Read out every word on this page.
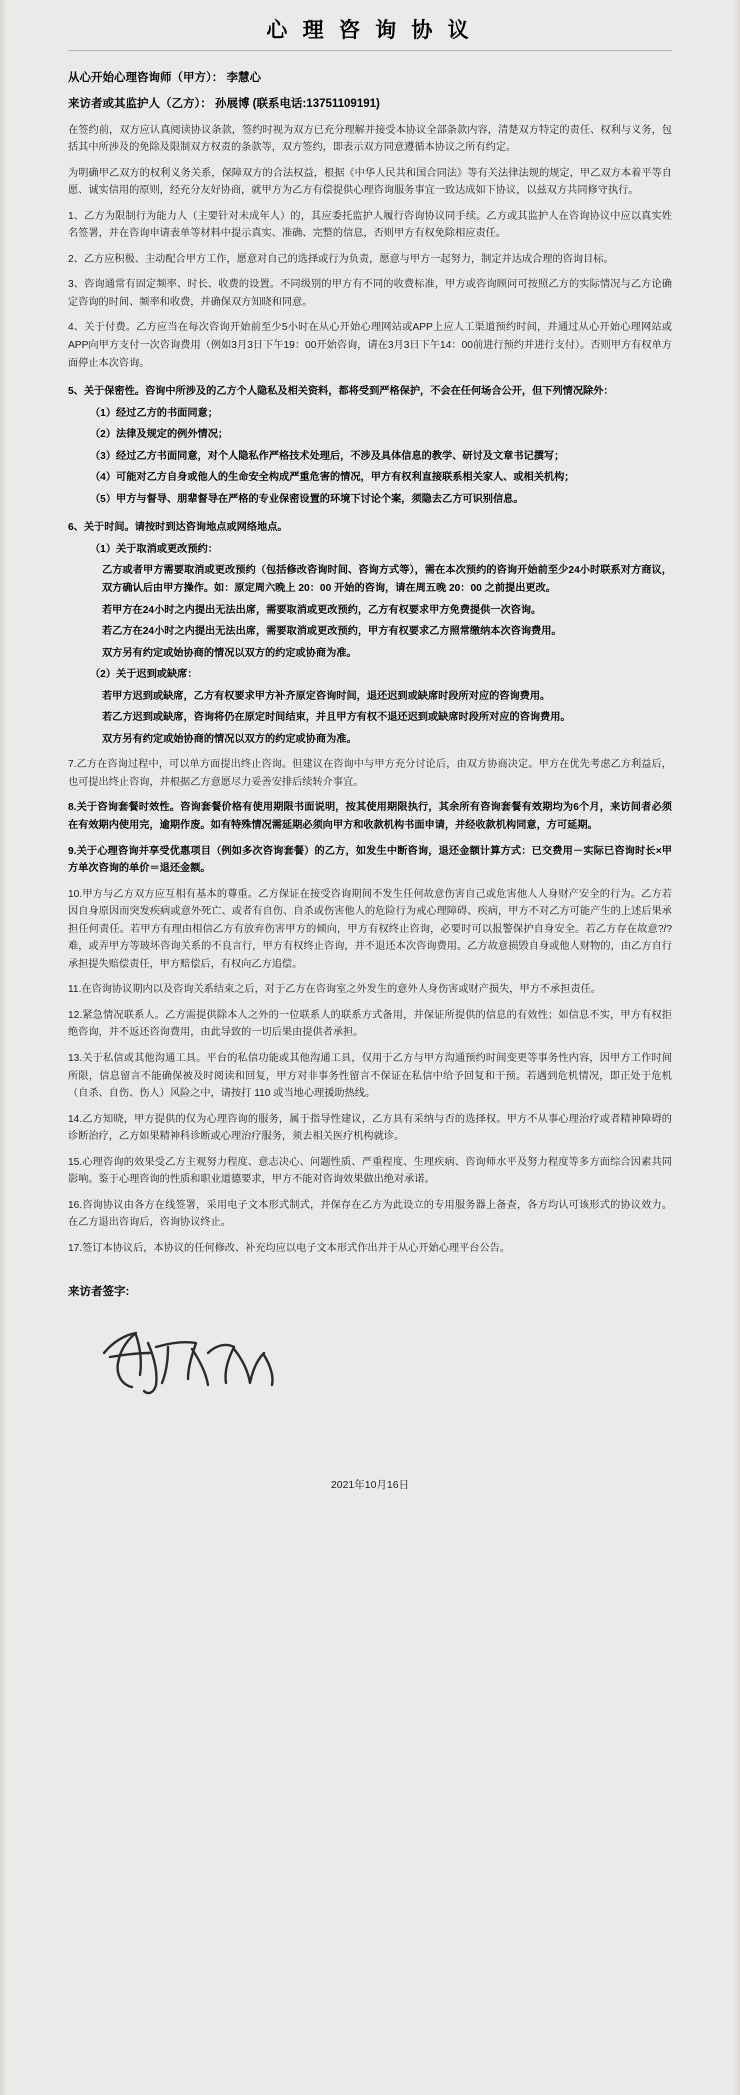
心 理 咨 询 协 议
从心开始心理咨询师（甲方）： 李慧心
来访者或其监护人（乙方）： 孙展博 (联系电话:13751109191)

在签约前，双方应认真阅读协议条款，签约时视为双方已充分理解并接受本协议全部条款内容，清楚双方特定的责任、权利与义务，包括其中所涉及的免除及限制双方权责的条款等，双方签约，即表示双方同意遵循本协议之所有约定。

为明确甲乙双方的权利义务关系，保障双方的合法权益，根据《中华人民共和国合同法》等有关法律法规的规定，甲乙双方本着平等自愿、诚实信用的原则，经充分友好协商，就甲方为乙方有偿提供心理咨询服务事宜一致达成如下协议，以兹双方共同修守执行。

1、乙方为限制行为能力人（主要针对未成年人）的，其应委托监护人履行咨询协议同手续。乙方或其监护人在咨询协议中应以真实姓名签署，并在咨询申请表单等材料中提示真实、准确、完整的信息，否则甲方有权免除相应责任。

2、乙方应积极、主动配合甲方工作，愿意对自己的选择或行为负责，愿意与甲方一起努力，制定并达成合理的咨询目标。

3、咨询通常有固定频率、时长、收费的设置。不同级别的甲方有不同的收费标准，甲方或咨询顾问可按照乙方的实际情况与乙方论确定咨询的时间、频率和收费，并确保双方知晓和同意。

4、关于付费。乙方应当在每次咨询开始前至少5小时在从心开始心理网站或APP上应人工渠道预约时间，并通过从心开始心理网站或APP向甲方支付一次咨询费用（例如3月3日下午19：00开始咨询，请在3月3日下午14：00前进行预约并进行支付）。否则甲方有权单方面停止本次咨询。

5、关于保密性。咨询中所涉及的乙方个人隐私及相关资料，都将受到严格保护，不会在任何场合公开，但下列情况除外：

（1）经过乙方的书面同意；

（2）法律及规定的例外情况；

（3）经过乙方书面同意，对个人隐私作严格技术处理后，不涉及具体信息的教学、研讨及文章书记撰写；

（4）可能对乙方自身或他人的生命安全构成严重危害的情况，甲方有权利直接联系相关家人、或相关机构；

（5）甲方与督导、朋辈督导在严格的专业保密设置的环境下讨论个案，须隐去乙方可识别信息。

6、关于时间。请按时到达咨询地点或网络地点。

（1）关于取消或更改预约：

乙方或者甲方需要取消或更改预约（包括修改咨询时间、咨询方式等），需在本次预约的咨询开始前至少24小时联系对方商议，双方确认后由甲方操作。如：原定周六晚上 20：00 开始的咨询，请在周五晚 20：00 之前提出更改。

若甲方在24小时之内提出无法出席，需要取消或更改预约，乙方有权要求甲方免费提供一次咨询。

若乙方在24小时之内提出无法出席，需要取消或更改预约，甲方有权要求乙方照常缴纳本次咨询费用。

双方另有约定或始协商的情况以双方的约定或协商为准。

（2）关于迟到或缺席：

若甲方迟到或缺席，乙方有权要求甲方补齐原定咨询时间，退还迟到或缺席时段所对应的咨询费用。

若乙方迟到或缺席，咨询将仍在原定时间结束，并且甲方有权不退还迟到或缺席时段所对应的咨询费用。

双方另有约定或始协商的情况以双方的约定或协商为准。

7.乙方在咨询过程中，可以单方面提出终止咨询。但建议在咨询中与甲方充分讨论后，由双方协商决定。甲方在优先考虑乙方利益后，也可提出终止咨询，并根据乙方意愿尽力妥善安排后续转介事宜。

8.关于咨询套餐时效性。咨询套餐价格有使用期限书面说明，按其使用期限执行，其余所有咨询套餐有效期均为6个月，来访间者必须在有效期内使用完，逾期作废。如有特殊情况需延期必须向甲方和收款机构书面申请，并经收款机构同意，方可延期。

9.关于心理咨询并享受优惠项目（例如多次咨询套餐）的乙方，如发生中断咨询，退还金额计算方式：已交费用－实际已咨询时长×甲方单次咨询的单价＝退还金额。

10.甲方与乙方双方应互相有基本的尊重。乙方保证在接受咨询期间不发生任何故意伤害自己或危害他人人身财产安全的行为。乙方若因自身原因而突发疾病或意外死亡、或者有自伤、自杀或伤害他人的危险行为戒心理障碍、疾病，甲方不对乙方可能产生的上述后果承担任何责任。若甲方有理由相信乙方有放弃伤害甲方的倾向，甲方有权终止咨询，必要时可以报警保护自身安全。若乙方存在故意?/?难，或弄甲方等玻坏咨询关系的不良言行，甲方有权终止咨询，并不退还本次咨询费用。乙方故意损毁自身或他人财物的，由乙方自行承担提失赔偿责任，甲方赔偿后，有权向乙方追偿。

11.在咨询协议期内以及咨询关系结束之后，对于乙方在咨询室之外发生的意外人身伤害或财产损失，甲方不承担责任。

12.紧急情况联系人。乙方需提供除本人之外的一位联系人的联系方式备用，并保证所提供的信息的有效性；如信息不实，甲方有权拒绝咨询，并不返还咨询费用，由此导致的一切后果由提供者承担。

13.关于私信或其他沟通工具。平台的私信功能或其他沟通工具，仅用于乙方与甲方沟通预约时间变更等事务性内容，因甲方工作时间所限，信息留言不能确保被及时阅读和回复，甲方对非事务性留言不保证在私信中给予回复和干预。若遇到危机情况，即正处于危机（自杀、自伤、伤人）风险之中，请按打 110 或当地心理援助热线。

14.乙方知晓，甲方提供的仅为心理咨询的服务，属于指导性建议，乙方具有采纳与否的选择权。甲方不从事心理治疗或者精神障碍的诊断治疗，乙方如果精神科诊断或心理治疗服务，须去相关医疗机构就诊。

15.心理咨询的效果受乙方主观努力程度、意志决心、问题性质、严重程度、生理疾病、咨询师水平及努力程度等多方面综合因素共同影响。鉴于心理咨询的性质和职业道德要求，甲方不能对咨询效果做出绝对承诺。

16.咨询协议由各方在线签署，采用电子文本形式制式，并保存在乙方为此设立的专用服务器上备查，各方均认可该形式的协议效力。在乙方退出咨询后，咨询协议终止。

17.签订本协议后，本协议的任何修改、补充均应以电子文本形式作出并于从心开始心理平台公告。

来访者签字:
2021年10月16日
